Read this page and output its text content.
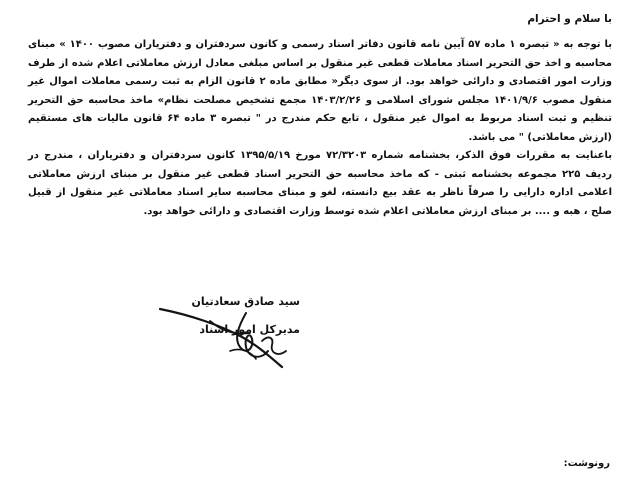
با سلام و احترام

با توجه به « تبصره ۱ ماده ۵۷ آیین نامه قانون دفاتر اسناد رسمی و کانون سردفتران و دفتریاران مصوب ۱۴۰۰ » مبنای محاسبه و اخذ حق التحریر اسناد معاملات قطعی غیر منقول بر اساس مبلغی معادل ارزش معاملاتی اعلام شده از طرف وزارت امور اقتصادی و دارائی خواهد بود. از سوی دیگر« مطابق ماده ۲ قانون الزام به ثبت رسمی معاملات اموال غیر منقول مصوب ۱۴۰۱/۹/۶ مجلس شورای اسلامی و ۱۴۰۳/۲/۲۶ مجمع تشخیص مصلحت نظام» ماخذ محاسبه حق التحریر تنظیم و ثبت اسناد مربوط به اموال غیر منقول ، تابع حکم مندرج در " تبصره ۳ ماده ۶۴ قانون مالیات های مستقیم (ارزش معاملاتی) " می باشد.

باعنایت به مقررات فوق الذکر، بخشنامه شماره ۷۲/۳۲۰۳ مورخ ۱۳۹۵/۵/۱۹ کانون سردفتران و دفتریاران ، مندرج در ردیف ۲۲۵ مجموعه بخشنامه ثبتی - که ماخذ محاسبه حق التحریر اسناد قطعی غیر منقول بر مبنای ارزش معاملاتی اعلامی اداره دارایی را صرفاً ناظر به عقد بیع دانسته، لغو و مبنای محاسبه سایر اسناد معاملاتی غیر منقول از قبیل صلح ، هبه و .... بر مبنای ارزش معاملاتی اعلام شده توسط وزارت اقتصادی و دارائی خواهد بود.

سید صادق سعادتیان
مدیرکل امور اسناد
رونوشت:
